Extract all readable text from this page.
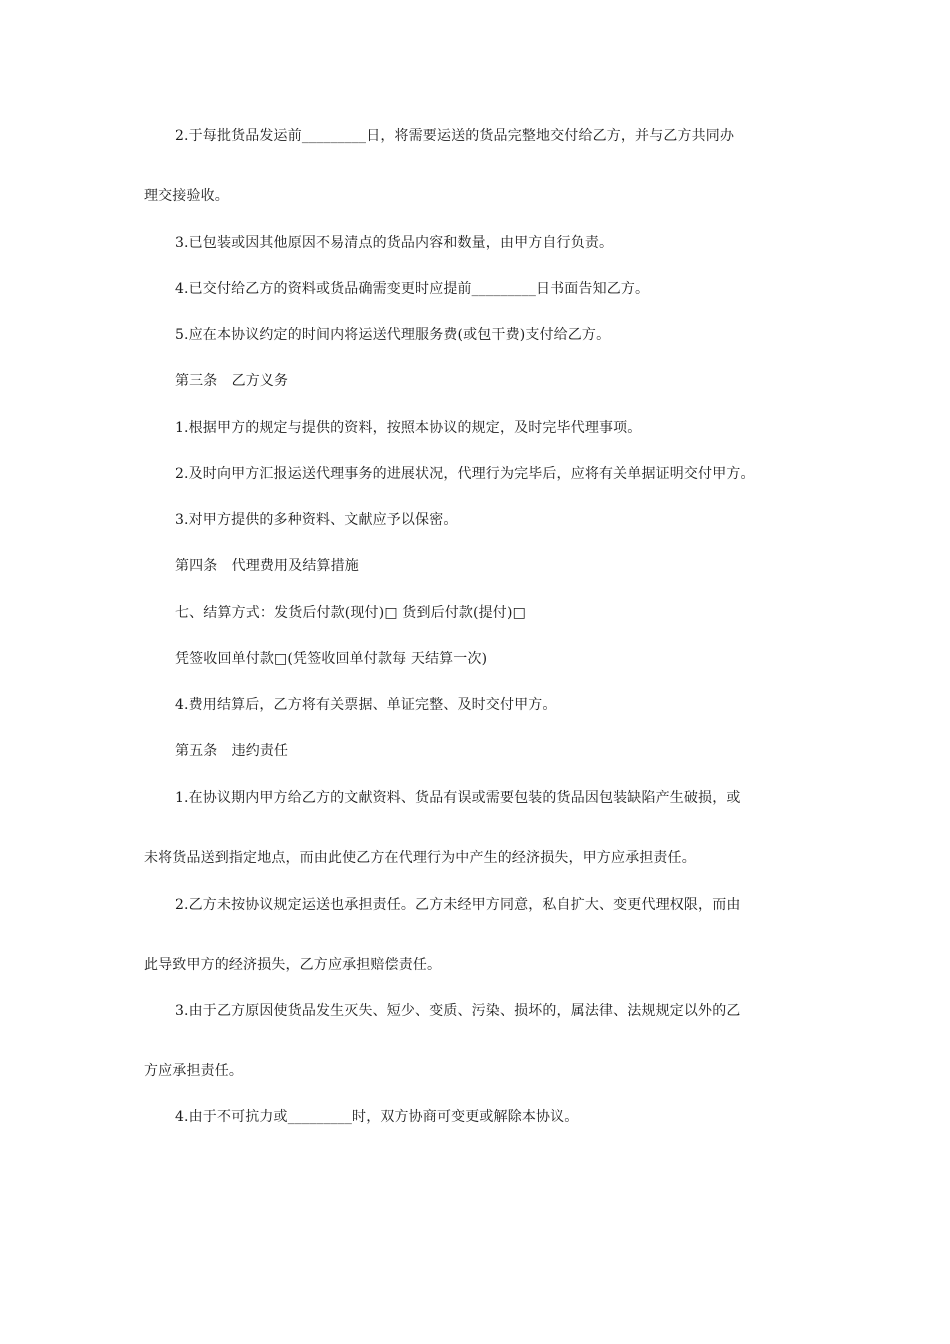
2.于每批货品发运前_________日，将需要运送的货品完整地交付给乙方，并与乙方共同办

理交接验收。

3.已包装或因其他原因不易清点的货品内容和数量，由甲方自行负责。

4.已交付给乙方的资料或货品确需变更时应提前_________日书面告知乙方。

5.应在本协议约定的时间内将运送代理服务费(或包干费)支付给乙方。

第三条　乙方义务

1.根据甲方的规定与提供的资料，按照本协议的规定，及时完毕代理事项。

2.及时向甲方汇报运送代理事务的进展状况，代理行为完毕后，应将有关单据证明交付甲方。

3.对甲方提供的多种资料、文献应予以保密。

第四条　代理费用及结算措施

七、结算方式：发货后付款(现付)□ 货到后付款(提付)□

凭签收回单付款□(凭签收回单付款每 天结算一次)

4.费用结算后，乙方将有关票据、单证完整、及时交付甲方。

第五条　违约责任

1.在协议期内甲方给乙方的文献资料、货品有误或需要包装的货品因包装缺陷产生破损，或

未将货品送到指定地点，而由此使乙方在代理行为中产生的经济损失，甲方应承担责任。

2.乙方未按协议规定运送也承担责任。乙方未经甲方同意，私自扩大、变更代理权限，而由

此导致甲方的经济损失，乙方应承担赔偿责任。

3.由于乙方原因使货品发生灭失、短少、变质、污染、损坏的，属法律、法规规定以外的乙

方应承担责任。

4.由于不可抗力或_________时，双方协商可变更或解除本协议。
